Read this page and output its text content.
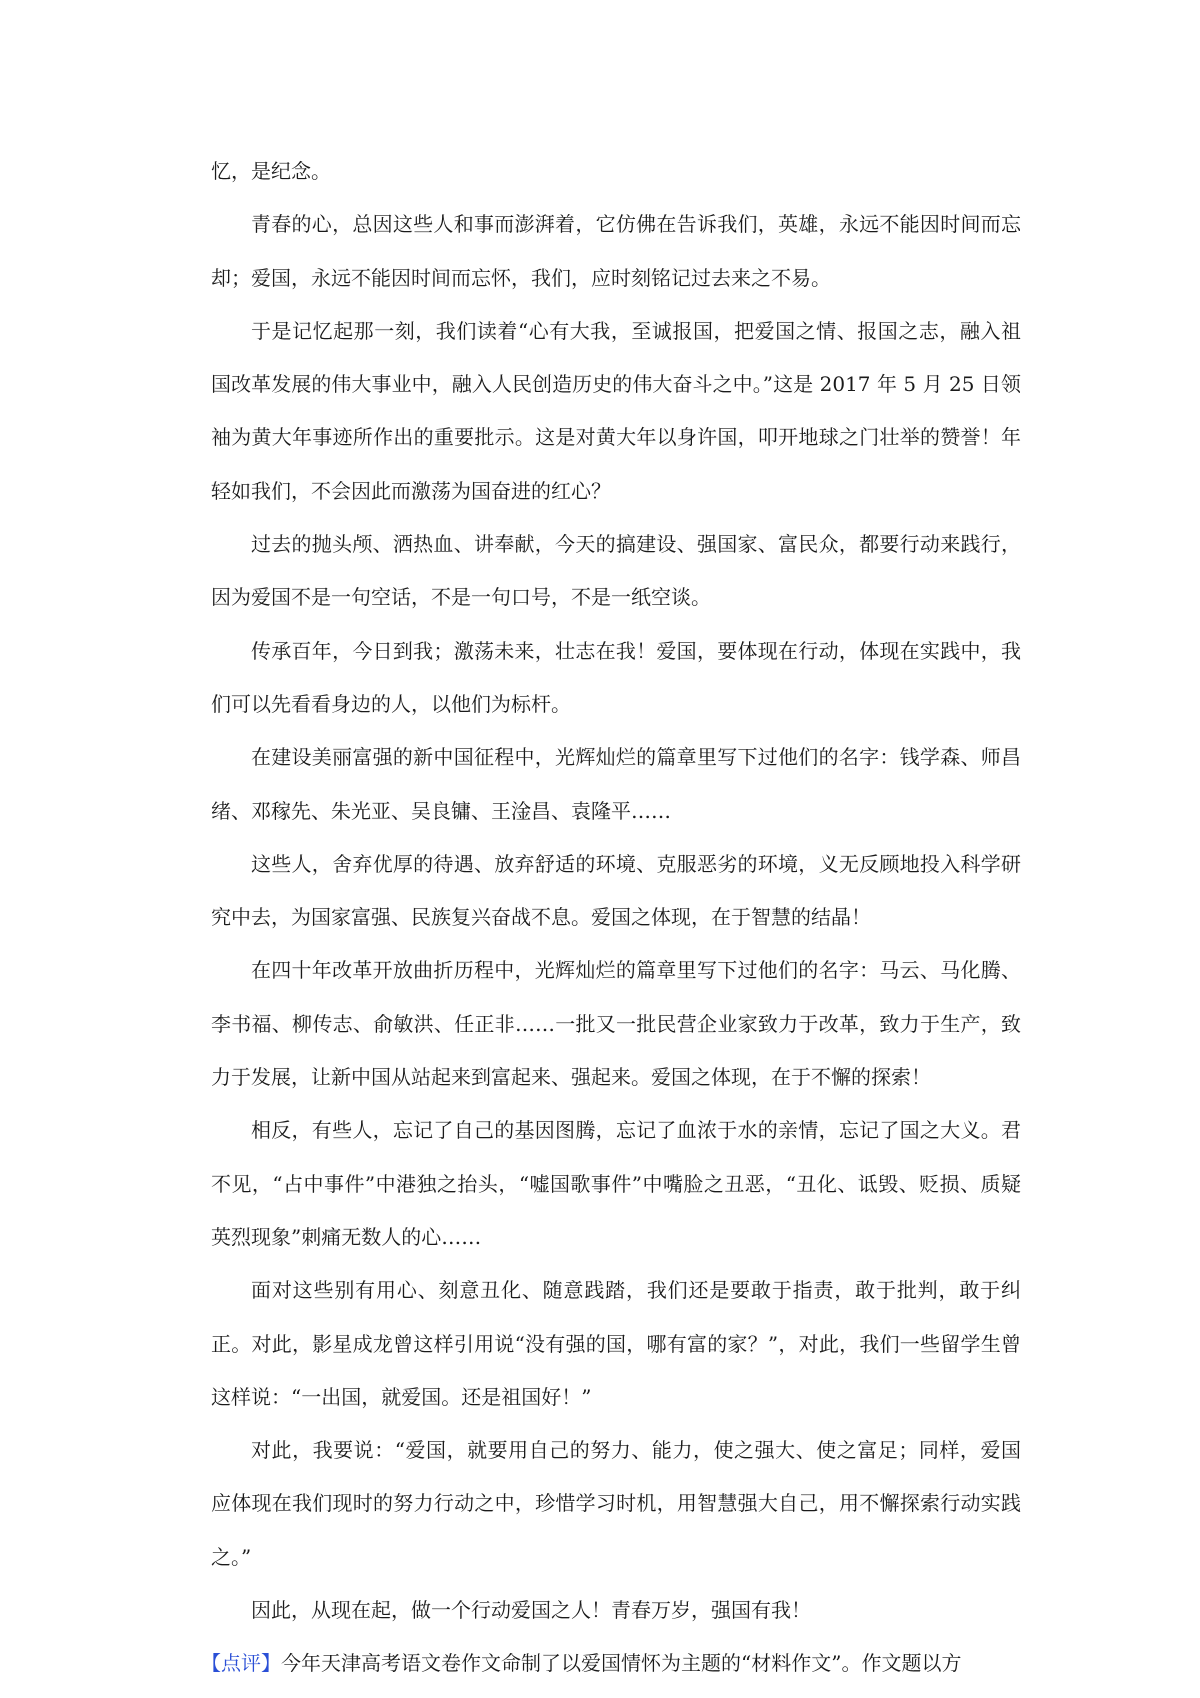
忆，是纪念。

青春的心，总因这些人和事而澎湃着，它仿佛在告诉我们，英雄，永远不能因时间而忘却；爱国，永远不能因时间而忘怀，我们，应时刻铭记过去来之不易。

于是记忆起那一刻，我们读着“心有大我，至诚报国，把爱国之情、报国之志，融入祖国改革发展的伟大事业中，融入人民创造历史的伟大奋斗之中。”这是 2017 年 5 月 25 日领袖为黄大年事迹所作出的重要批示。这是对黄大年以身许国，叩开地球之门壮举的赞誉！年轻如我们，不会因此而激荡为国奋进的红心？

过去的抛头颅、洒热血、讲奉献，今天的搞建设、强国家、富民众，都要行动来践行，因为爱国不是一句空话，不是一句口号，不是一纸空谈。

传承百年，今日到我；激荡未来，壮志在我！爱国，要体现在行动，体现在实践中，我们可以先看看身边的人，以他们为标杆。

在建设美丽富强的新中国征程中，光辉灿烂的篇章里写下过他们的名字：钱学森、师昌绪、邓稼先、朱光亚、吴良镛、王淦昌、袁隆平……

这些人，舍弃优厚的待遇、放弃舒适的环境、克服恶劣的环境，义无反顾地投入科学研究中去，为国家富强、民族复兴奋战不息。爱国之体现，在于智慧的结晶！

在四十年改革开放曲折历程中，光辉灿烂的篇章里写下过他们的名字：马云、马化腾、李书福、柳传志、俞敏洪、任正非……一批又一批民营企业家致力于改革，致力于生产，致力于发展，让新中国从站起来到富起来、强起来。爱国之体现，在于不懈的探索！

相反，有些人，忘记了自己的基因图腾，忘记了血浓于水的亲情，忘记了国之大义。君不见，“占中事件”中港独之抬头，“嘘国歌事件”中嘴脸之丑恶，“丑化、诋毁、贬损、质疑英烈现象”刺痛无数人的心……

面对这些别有用心、刻意丑化、随意践踏，我们还是要敢于指责，敢于批判，敢于纠正。对此，影星成龙曾这样引用说“没有强的国，哪有富的家？”，对此，我们一些留学生曾这样说：“一出国，就爱国。还是祖国好！”

对此，我要说：“爱国，就要用自己的努力、能力，使之强大、使之富足；同样，爱国应体现在我们现时的努力行动之中，珍惜学习时机，用智慧强大自己，用不懈探索行动实践之。”

因此，从现在起，做一个行动爱国之人！青春万岁，强国有我！

【点评】今年天津高考语文卷作文命制了以爱国情怀为主题的“材料作文”。作文题以方
